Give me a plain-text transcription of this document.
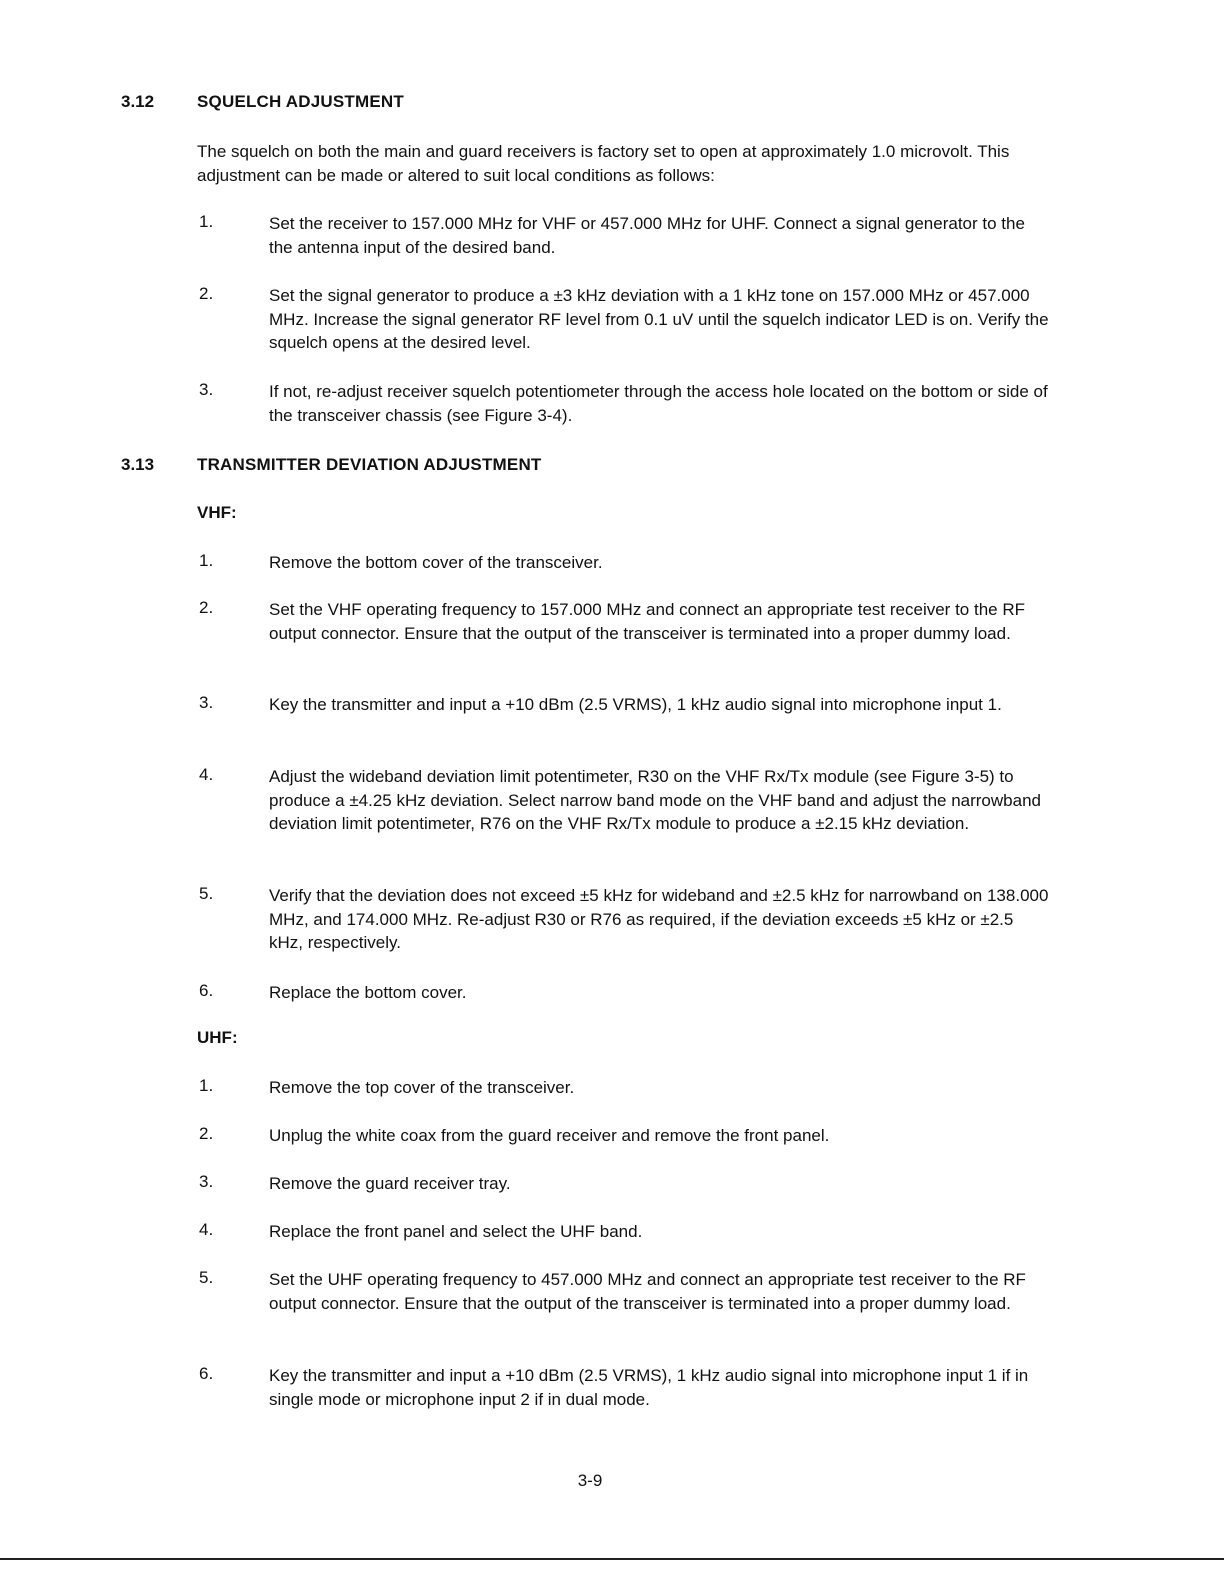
3.12	SQUELCH ADJUSTMENT
The squelch on both the main and guard receivers is factory set to open at approximately 1.0 microvolt. This adjustment can be made or altered to suit local conditions as follows:
1.	Set the receiver to 157.000 MHz for VHF or 457.000 MHz for UHF. Connect a signal generator to the the antenna input of the desired band.
2.	Set the signal generator to produce a ±3 kHz deviation with a 1 kHz tone on 157.000 MHz or 457.000 MHz. Increase the signal generator RF level from 0.1 uV until the squelch indicator LED is on. Verify the squelch opens at the desired level.
3.	If not, re-adjust receiver squelch potentiometer through the access hole located on the bottom or side of the transceiver chassis (see Figure 3-4).
3.13	TRANSMITTER DEVIATION ADJUSTMENT
VHF:
1.	Remove the bottom cover of the transceiver.
2.	Set the VHF operating frequency to 157.000 MHz and connect an appropriate test receiver to the RF output connector. Ensure that the output of the transceiver is terminated into a proper dummy load.
3.	Key the transmitter and input a +10 dBm (2.5 VRMS), 1 kHz audio signal into microphone input 1.
4.	Adjust the wideband deviation limit potentimeter, R30 on the VHF Rx/Tx module (see Figure 3-5) to produce a ±4.25 kHz deviation. Select narrow band mode on the VHF band and adjust the narrowband deviation limit potentimeter, R76 on the VHF Rx/Tx module to produce a ±2.15 kHz deviation.
5.	Verify that the deviation does not exceed ±5 kHz for wideband and ±2.5 kHz for narrowband on 138.000 MHz, and 174.000 MHz. Re-adjust R30 or R76 as required, if the deviation exceeds ±5 kHz or ±2.5 kHz, respectively.
6.	Replace the bottom cover.
UHF:
1.	Remove the top cover of the transceiver.
2.	Unplug the white coax from the guard receiver and remove the front panel.
3.	Remove the guard receiver tray.
4.	Replace the front panel and select the UHF band.
5.	Set the UHF operating frequency to 457.000 MHz and connect an appropriate test receiver to the RF output connector. Ensure that the output of the transceiver is terminated into a proper dummy load.
6.	Key the transmitter and input a +10 dBm (2.5 VRMS), 1 kHz audio signal into microphone input 1 if in single mode or microphone input 2 if in dual mode.
3-9
